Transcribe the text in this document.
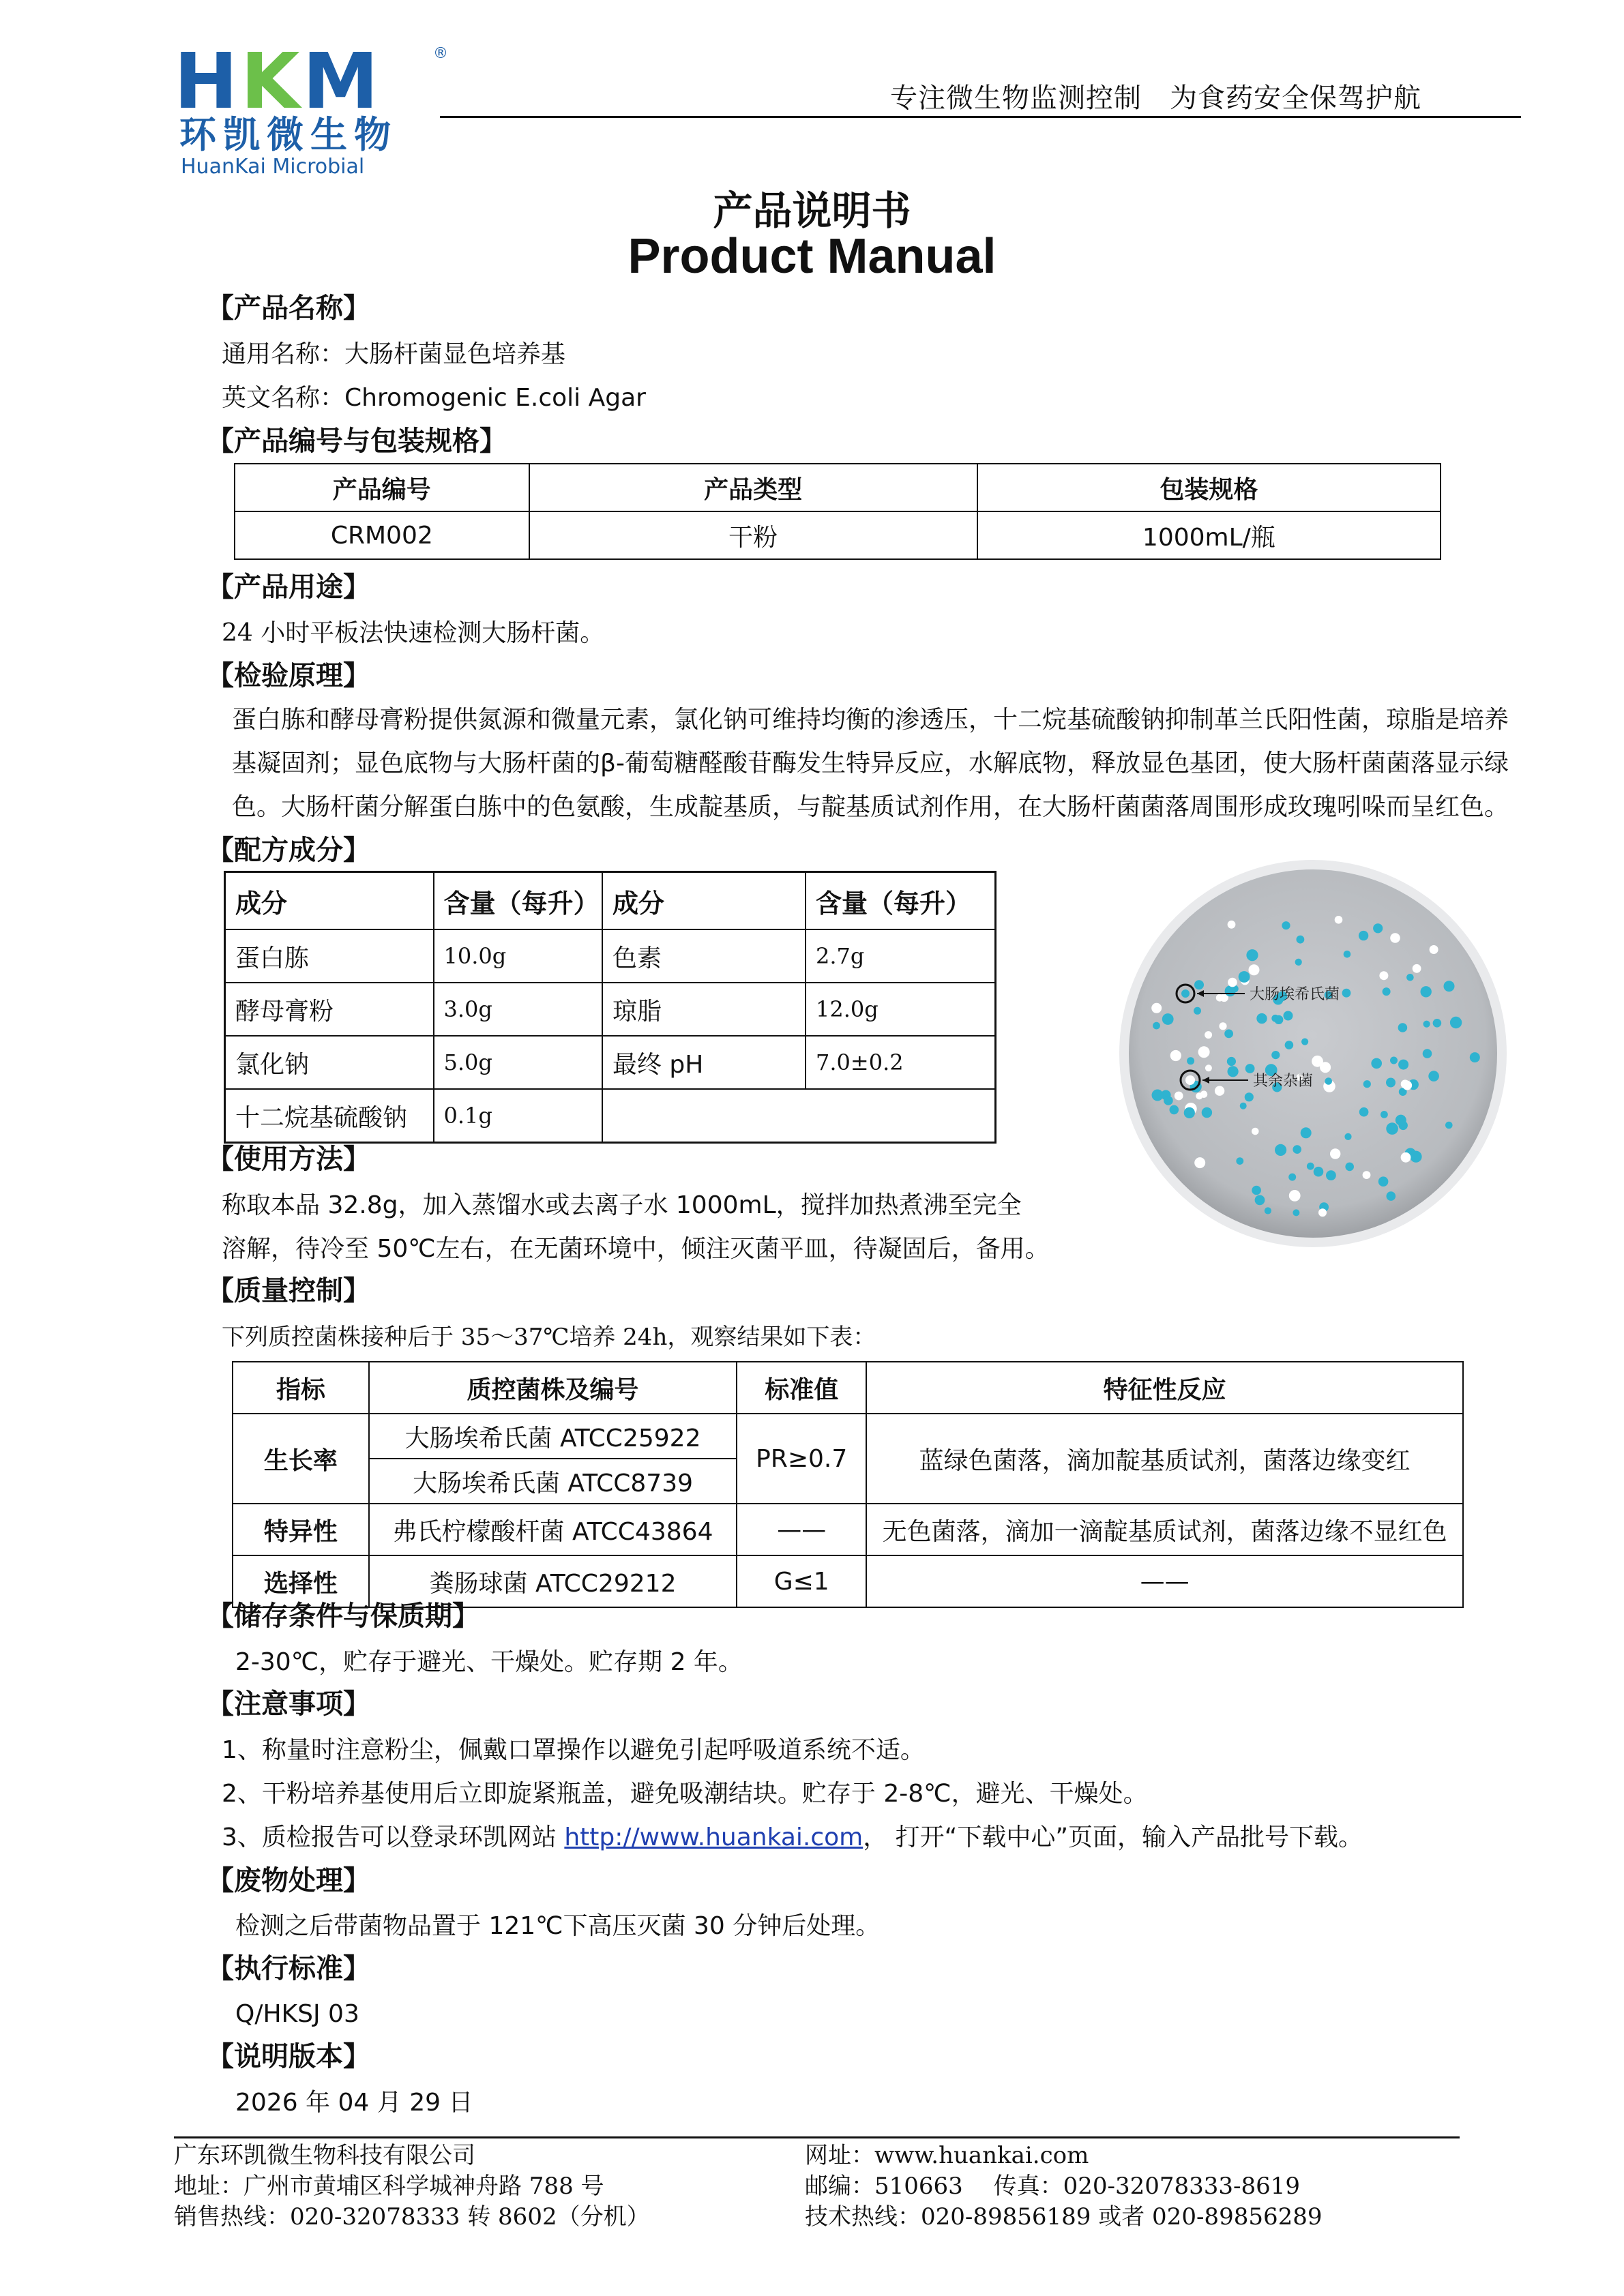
HKM	®
环凯微生物
HuanKai Microbial
专注微生物监测控制　为食药安全保驾护航
产品说明书
Product Manual
【产品名称】
通用名称：大肠杆菌显色培养基
英文名称：Chromogenic E.coli Agar
【产品编号与包装规格】
产品编号	产品类型	包装规格
CRM002	干粉	1000mL/瓶
【产品用途】
24 小时平板法快速检测大肠杆菌。
【检验原理】
蛋白胨和酵母膏粉提供氮源和微量元素，氯化钠可维持均衡的渗透压，十二烷基硫酸钠抑制革兰氏阳性菌，琼脂是培养
基凝固剂；显色底物与大肠杆菌的β-葡萄糖醛酸苷酶发生特异反应，水解底物，释放显色基团，使大肠杆菌菌落显示绿
色。大肠杆菌分解蛋白胨中的色氨酸，生成靛基质，与靛基质试剂作用，在大肠杆菌菌落周围形成玫瑰吲哚而呈红色。
【配方成分】
成分	含量（每升）	成分	含量（每升）
蛋白胨	10.0g	色素	2.7g
酵母膏粉	3.0g	琼脂	12.0g
氯化钠	5.0g	最终 pH	7.0±0.2
十二烷基硫酸钠	0.1g		
大肠埃希氏菌
其余杂菌
【使用方法】
称取本品 32.8g，加入蒸馏水或去离子水 1000mL，搅拌加热煮沸至完全
溶解，待冷至 50℃左右，在无菌环境中，倾注灭菌平皿，待凝固后，备用。
【质量控制】
下列质控菌株接种后于 35～37℃培养 24h，观察结果如下表：
指标	质控菌株及编号	标准值	特征性反应
生长率	大肠埃希氏菌 ATCC25922	PR≥0.7	蓝绿色菌落，滴加靛基质试剂，菌落边缘变红
	大肠埃希氏菌 ATCC8739		
特异性	弗氏柠檬酸杆菌 ATCC43864	——	无色菌落，滴加一滴靛基质试剂，菌落边缘不显红色
选择性	粪肠球菌 ATCC29212	G≤1	——
【储存条件与保质期】
2-30℃，贮存于避光、干燥处。贮存期 2 年。
【注意事项】
1、称量时注意粉尘，佩戴口罩操作以避免引起呼吸道系统不适。
2、干粉培养基使用后立即旋紧瓶盖，避免吸潮结块。贮存于 2-8℃，避光、干燥处。
3、质检报告可以登录环凯网站 http://www.huankai.com， 打开“下载中心”页面，输入产品批号下载。
【废物处理】
检测之后带菌物品置于 121℃下高压灭菌 30 分钟后处理。
【执行标准】
Q/HKSJ 03
【说明版本】
2026 年 04 月 29 日
广东环凯微生物科技有限公司
地址：广州市黄埔区科学城神舟路 788 号
销售热线：020-32078333 转 8602（分机）
网址：www.huankai.com
邮编：510663　 传真：020-32078333-8619
技术热线：020-89856189 或者 020-89856289
